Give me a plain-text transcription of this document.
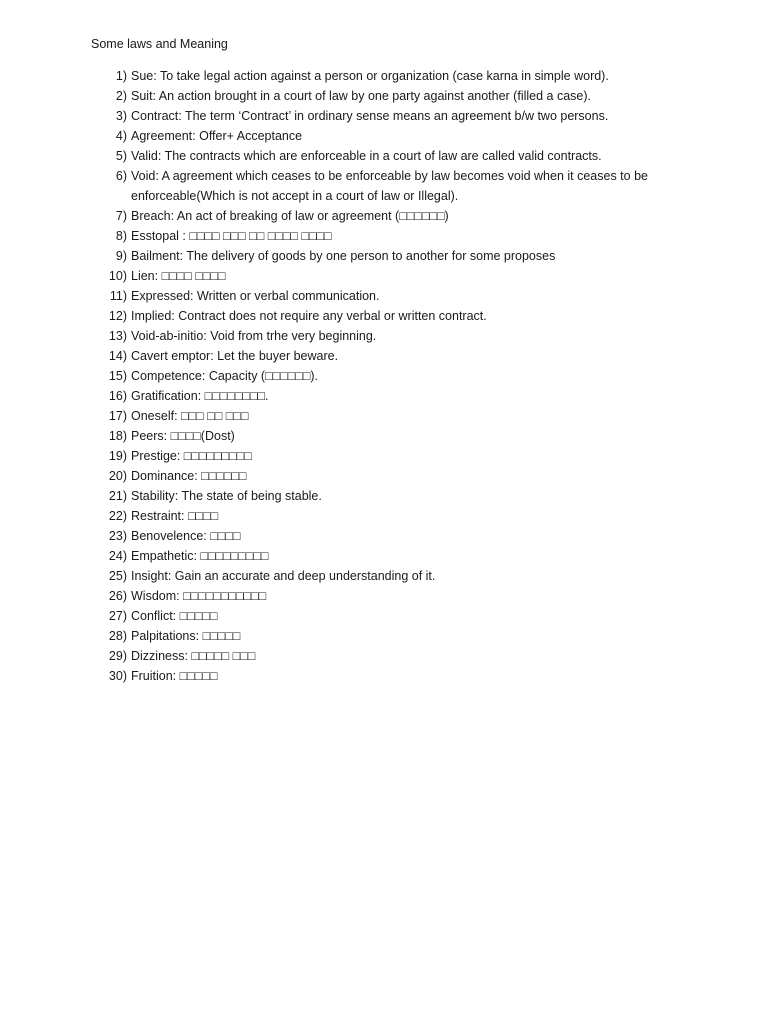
Some laws and Meaning
1) Sue: To take legal action against a person or organization (case karna in simple word).
2) Suit: An action brought in a court of law by one party against another (filled a case).
3) Contract: The term ‘Contract’ in ordinary sense means an agreement b/w two persons.
4) Agreement: Offer+ Acceptance
5) Valid: The contracts which are enforceable in a court of law are called valid contracts.
6) Void: A agreement which ceases to be enforceable by law becomes void when it ceases to be enforceable(Which is not accept in a court of law or Illegal).
7) Breach: An act of breaking of law or agreement (□□□□□□)
8) Esstopal : □□□□ □□□ □□ □□□□ □□□□
9) Bailment: The delivery of goods by one person to another for some proposes
10) Lien: □□□□ □□□□
11) Expressed: Written or verbal communication.
12) Implied: Contract does not require any verbal or written contract.
13) Void-ab-initio: Void from trhe very beginning.
14) Cavert emptor: Let the buyer beware.
15) Competence: Capacity (□□□□□□).
16) Gratification: □□□□□□□□.
17) Oneself: □□□ □□ □□□
18) Peers: □□□□(Dost)
19) Prestige: □□□□□□□□□
20) Dominance: □□□□□□
21) Stability: The state of being stable.
22) Restraint: □□□□
23) Benovelence: □□□□
24) Empathetic: □□□□□□□□□
25) Insight: Gain an accurate and deep understanding of it.
26) Wisdom: □□□□□□□□□□□
27) Conflict: □□□□□
28) Palpitations: □□□□□
29) Dizziness: □□□□□ □□□
30) Fruition: □□□□□
